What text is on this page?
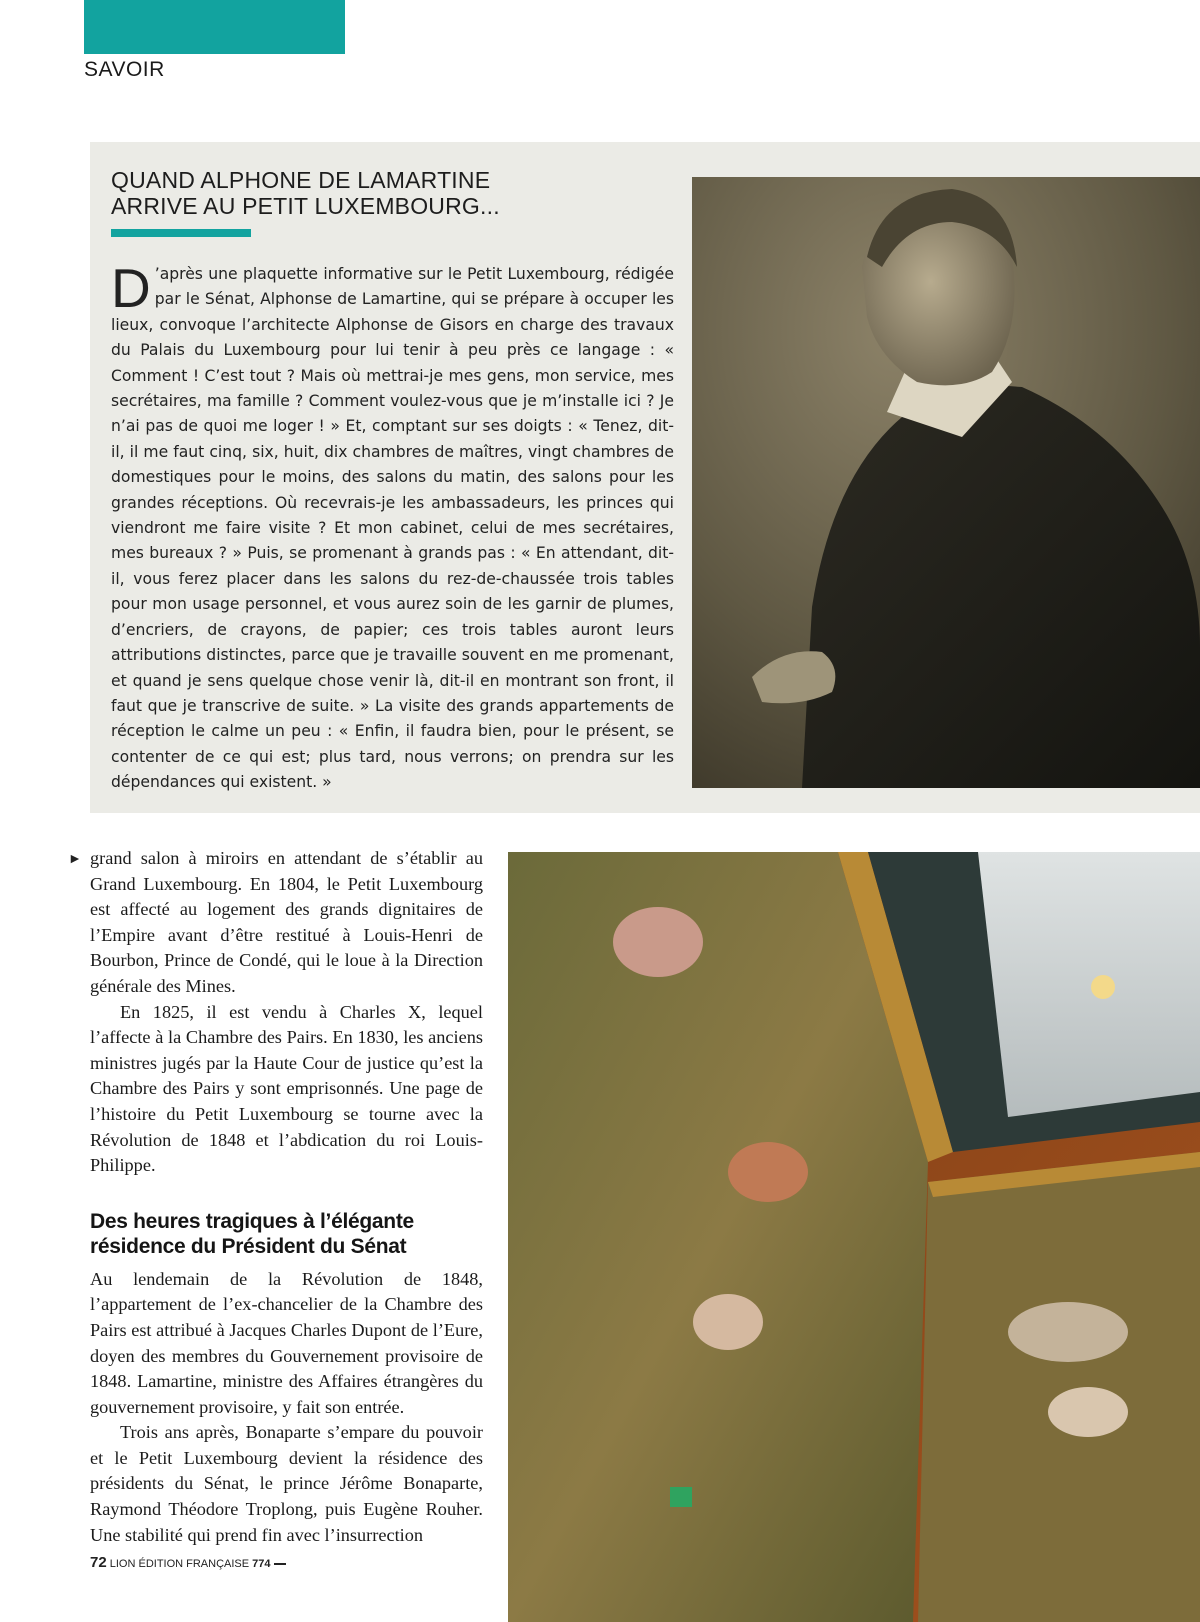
SAVOIR
QUAND ALPHONE DE LAMARTINE
ARRIVE AU PETIT LUXEMBOURG...
D ’après une plaquette informative sur le Petit Luxembourg, rédigée par le Sénat, Alphonse de Lamartine, qui se prépare à occuper les lieux, convoque l’architecte Alphonse de Gisors en charge des travaux du Palais du Luxembourg pour lui tenir à peu près ce langage : « Comment ! C’est tout ? Mais où mettrai-je mes gens, mon service, mes secrétaires, ma famille ? Comment voulez-vous que je m’installe ici ? Je n’ai pas de quoi me loger ! » Et, comptant sur ses doigts : « Tenez, dit-il, il me faut cinq, six, huit, dix chambres de maîtres, vingt chambres de domestiques pour le moins, des salons du matin, des salons pour les grandes réceptions. Où recevrais-je les ambassadeurs, les princes qui viendront me faire visite ? Et mon cabinet, celui de mes secrétaires, mes bureaux ? » Puis, se promenant à grands pas : « En attendant, dit-il, vous ferez placer dans les salons du rez-de-chaussée trois tables pour mon usage personnel, et vous aurez soin de les garnir de plumes, d’encriers, de crayons, de papier; ces trois tables auront leurs attributions distinctes, parce que je travaille souvent en me promenant, et quand je sens quelque chose venir là, dit-il en montrant son front, il faut que je transcrive de suite. » La visite des grands appartements de réception le calme un peu : « Enfin, il faudra bien, pour le présent, se contenter de ce qui est; plus tard, nous verrons; on prendra sur les dépendances qui existent. »
► grand salon à miroirs en attendant de s’établir au Grand Luxembourg. En 1804, le Petit Luxembourg est affecté au logement des grands dignitaires de l’Empire avant d’être restitué à Louis-Henri de Bourbon, Prince de Condé, qui le loue à la Direction générale des Mines.

En 1825, il est vendu à Charles X, lequel l’affecte à la Chambre des Pairs. En 1830, les anciens ministres jugés par la Haute Cour de justice qu’est la Chambre des Pairs y sont emprisonnés. Une page de l’histoire du Petit Luxembourg se tourne avec la Révolution de 1848 et l’abdication du roi Louis-Philippe.

Des heures tragiques à l’élégante
résidence du Président du Sénat

Au lendemain de la Révolution de 1848, l’appartement de l’ex-chancelier de la Chambre des Pairs est attribué à Jacques Charles Dupont de l’Eure, doyen des membres du Gouvernement provisoire de 1848. Lamartine, ministre des Affaires étrangères du gouvernement provisoire, y fait son entrée.

Trois ans après, Bonaparte s’empare du pouvoir et le Petit Luxembourg devient la résidence des présidents du Sénat, le prince Jérôme Bonaparte, Raymond Théodore Troplong, puis Eugène Rouher. Une stabilité qui prend fin avec l’insurrection

72 LION ÉDITION FRANÇAISE 774
